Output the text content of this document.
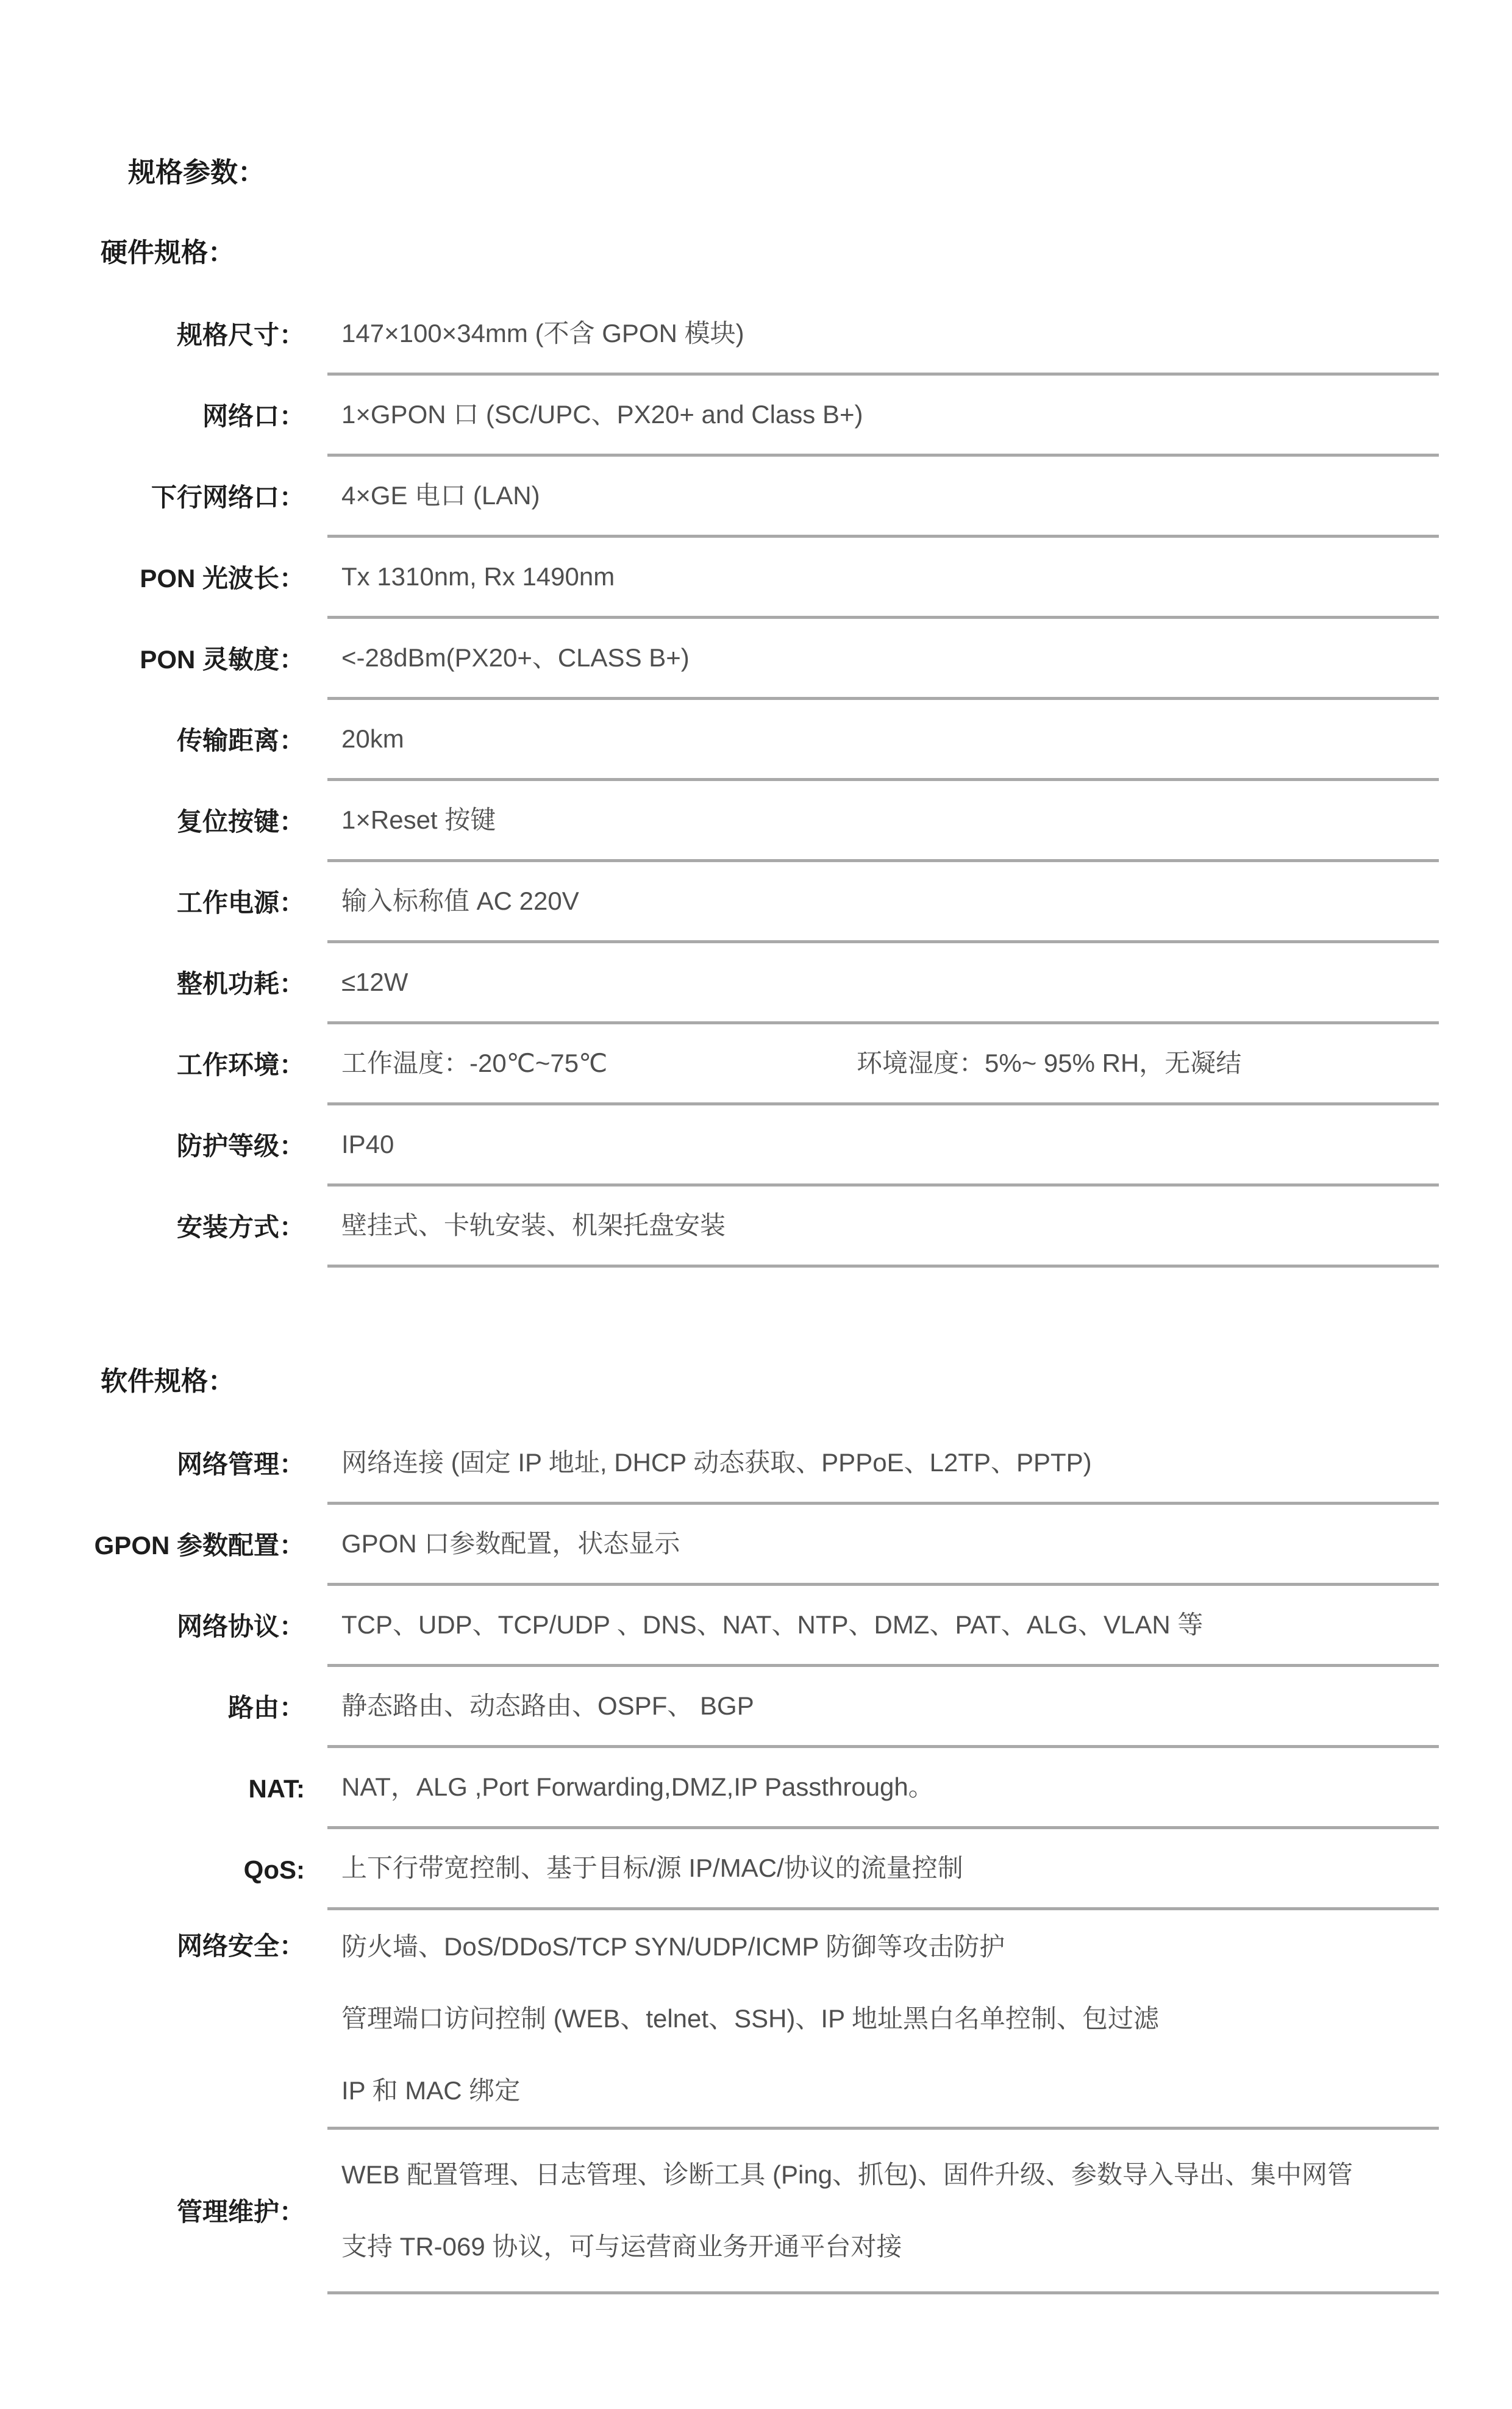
规格参数：
硬件规格：
规格尺寸： 147×100×34mm (不含 GPON 模块)
网络口： 1×GPON 口 (SC/UPC、PX20+ and Class B+)
下行网络口： 4×GE 电口 (LAN)
PON 光波长： Tx 1310nm, Rx 1490nm
PON 灵敏度： <-28dBm(PX20+、CLASS B+)
传输距离： 20km
复位按键： 1×Reset 按键
工作电源： 输入标称值 AC 220V
整机功耗： ≤12W
工作环境： 工作温度：-20℃~75℃	环境湿度：5%~ 95% RH，无凝结
防护等级： IP40
安装方式： 壁挂式、卡轨安装、机架托盘安装
软件规格：
网络管理： 网络连接 (固定 IP 地址, DHCP 动态获取、PPPoE、L2TP、PPTP)
GPON 参数配置： GPON 口参数配置，状态显示
网络协议： TCP、UDP、TCP/UDP 、DNS、NAT、NTP、DMZ、PAT、ALG、VLAN 等
路由： 静态路由、动态路由、OSPF、 BGP
NAT: NAT，ALG ,Port Forwarding,DMZ,IP Passthrough。
QoS: 上下行带宽控制、基于目标/源 IP/MAC/协议的流量控制
网络安全： 防火墙、DoS/DDoS/TCP SYN/UDP/ICMP 防御等攻击防护
管理端口访问控制 (WEB、telnet、SSH)、IP 地址黑白名单控制、包过滤
IP 和 MAC 绑定
管理维护：
WEB 配置管理、日志管理、诊断工具 (Ping、抓包)、固件升级、参数导入导出、集中网管
支持 TR-069 协议，可与运营商业务开通平台对接
